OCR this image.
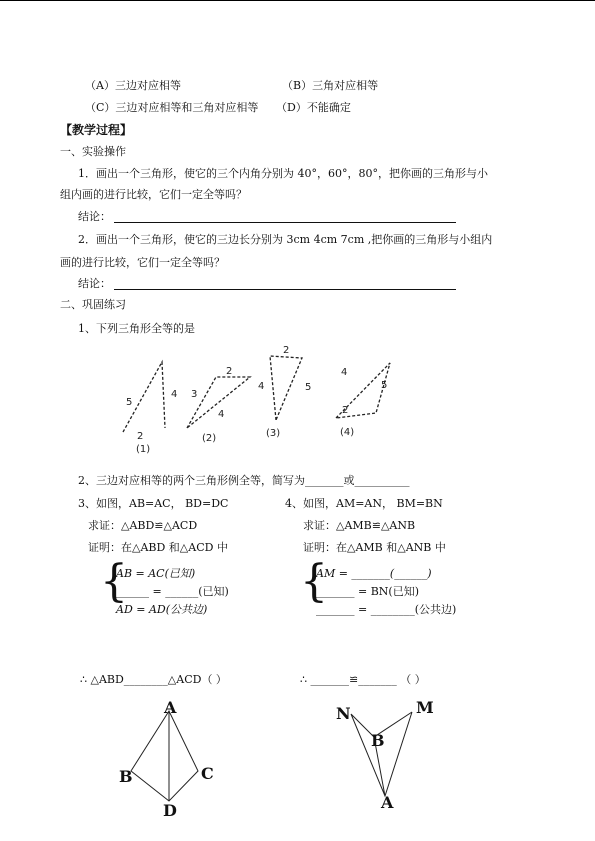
（A）三边对应相等	（B）三角对应相等
（C）三边对应相等和三角对应相等 （D）不能确定
【教学过程】
一、实验操作
1．画出一个三角形，使它的三个内角分别为 40°，60°，80°，把你画的三角形与小
组内画的进行比较，它们一定全等吗？
结论：
2．画出一个三角形，使它的三边长分别为 3cm 4cm 7cm ,把你画的三角形与小组内
画的进行比较，它们一定全等吗？
结论：
二、巩固练习
1、下列三角形全等的是
5
4
2
(1)
3
2
4
(2)
2
5
4
(3)
4
5
2
(4)
2、三边对应相等的两个三角形例全等，简写为_______或__________
3、如图，AB=AC， BD=DC
求证：△ABD≌△ACD
证明：在△ABD 和△ACD 中
{
AB = AC(已知)
______ = ______(已知)
AD = AD(公共边)
4、如图，AM=AN， BM=BN
求证：△AMB≌△ANB
证明：在△AMB 和△ANB 中
{
AM = _______(______)
_______ = BN(已知)
_______ = ________(公共边)
∴ △ABD________△ACD（ ）	∴ _______≌_______ （ ）
A
B	C
D
N	M
B
A
